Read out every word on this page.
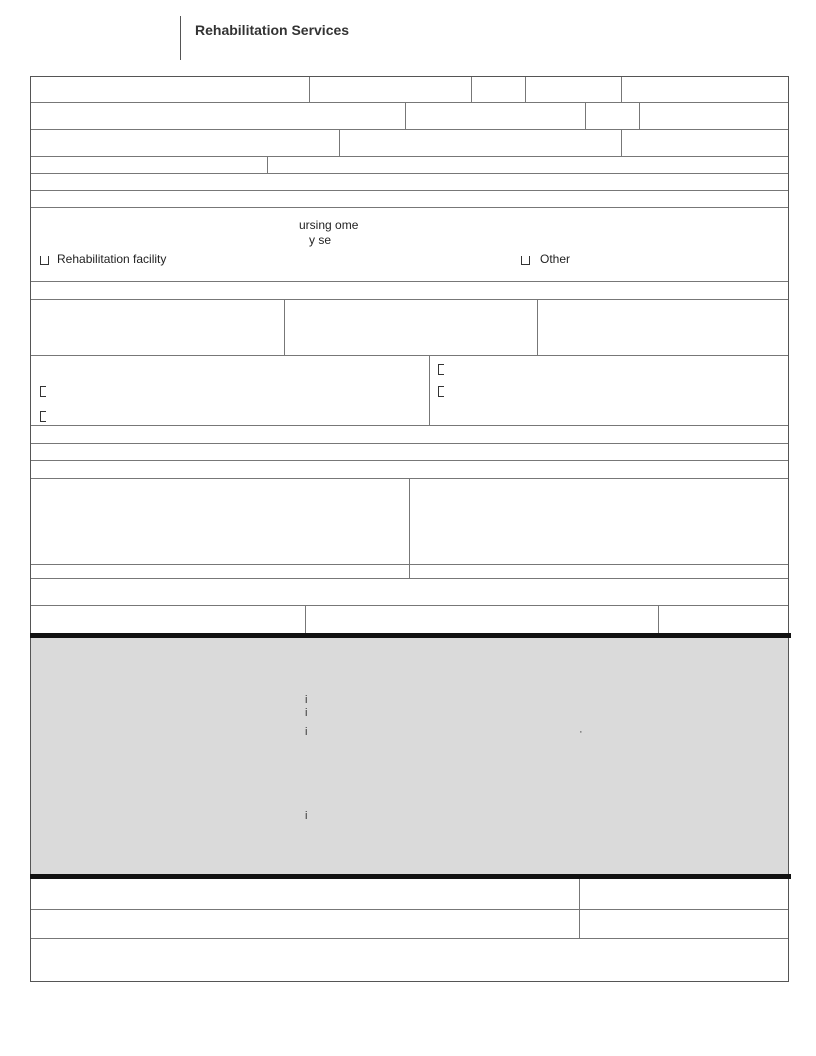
Rehabilitation Services
ursing ome
y se
Rehabilitation facility	Other
i
i
i	·
i
